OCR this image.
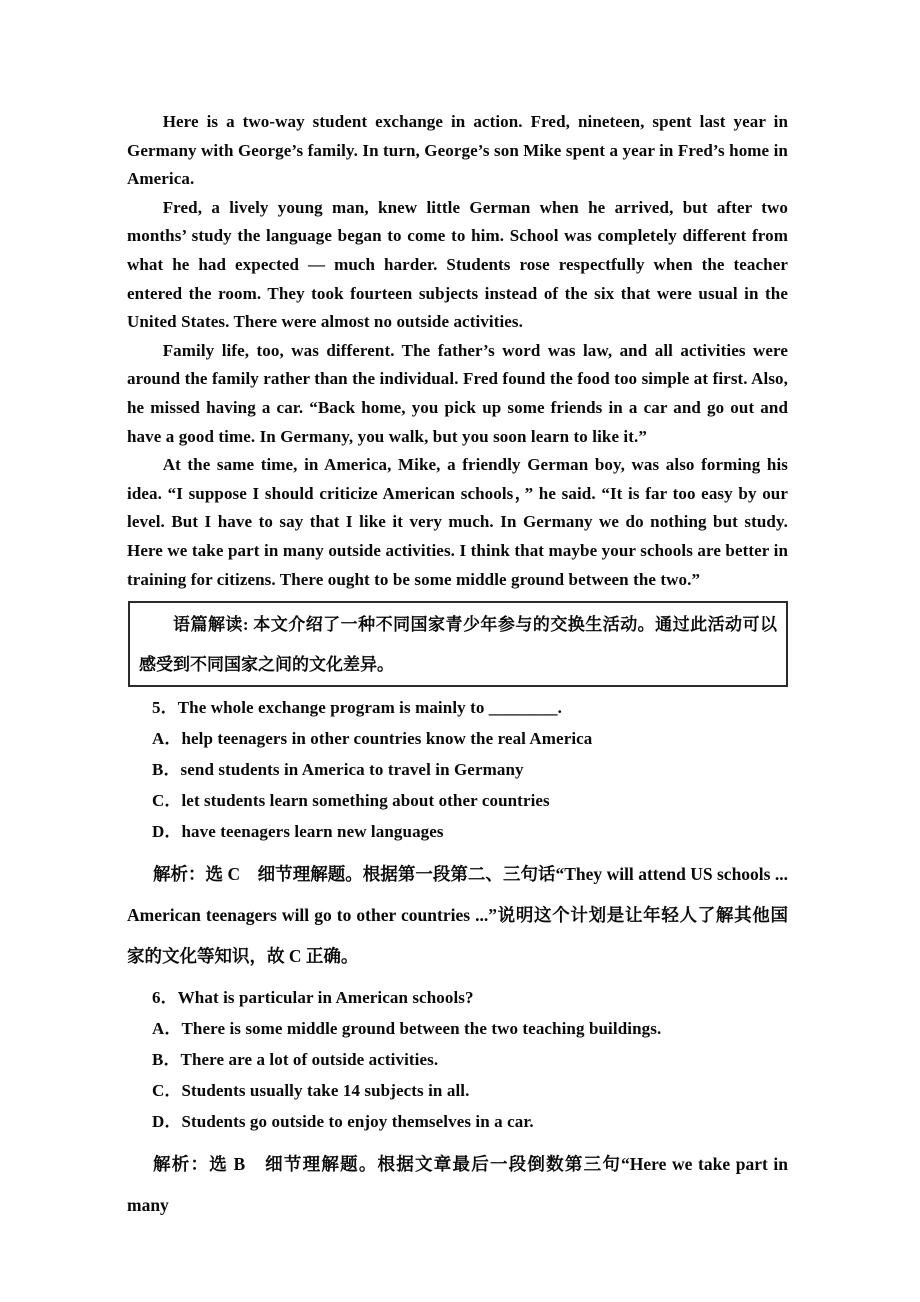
Here is a two-way student exchange in action. Fred, nineteen, spent last year in Germany with George’s family. In turn, George’s son Mike spent a year in Fred’s home in America.

Fred, a lively young man, knew little German when he arrived, but after two months’ study the language began to come to him. School was completely different from what he had expected — much harder. Students rose respectfully when the teacher entered the room. They took fourteen subjects instead of the six that were usual in the United States. There were almost no outside activities.

Family life, too, was different. The father’s word was law, and all activities were around the family rather than the individual. Fred found the food too simple at first. Also, he missed having a car. “Back home, you pick up some friends in a car and go out and have a good time. In Germany, you walk, but you soon learn to like it.”

At the same time, in America, Mike, a friendly German boy, was also forming his idea. “I suppose I should criticize American schools，” he said. “It is far too easy by our level. But I have to say that I like it very much. In Germany we do nothing but study. Here we take part in many outside activities. I think that maybe your schools are better in training for citizens. There ought to be some middle ground between the two.”

语篇解读: 本文介绍了一种不同国家青少年参与的交换生活动。通过此活动可以感受到不同国家之间的文化差异。

5．The whole exchange program is mainly to ________.
A．help teenagers in other countries know the real America
B．send students in America to travel in Germany
C．let students learn something about other countries
D．have teenagers learn new languages

解析：选 C　细节理解题。根据第一段第二、三句话“They will attend US schools ... American teenagers will go to other countries ...”说明这个计划是让年轻人了解其他国家的文化等知识，故 C 正确。

6．What is particular in American schools?
A．There is some middle ground between the two teaching buildings.
B．There are a lot of outside activities.
C．Students usually take 14 subjects in all.
D．Students go outside to enjoy themselves in a car.

解析：选 B　细节理解题。根据文章最后一段倒数第三句“Here we take part in many
